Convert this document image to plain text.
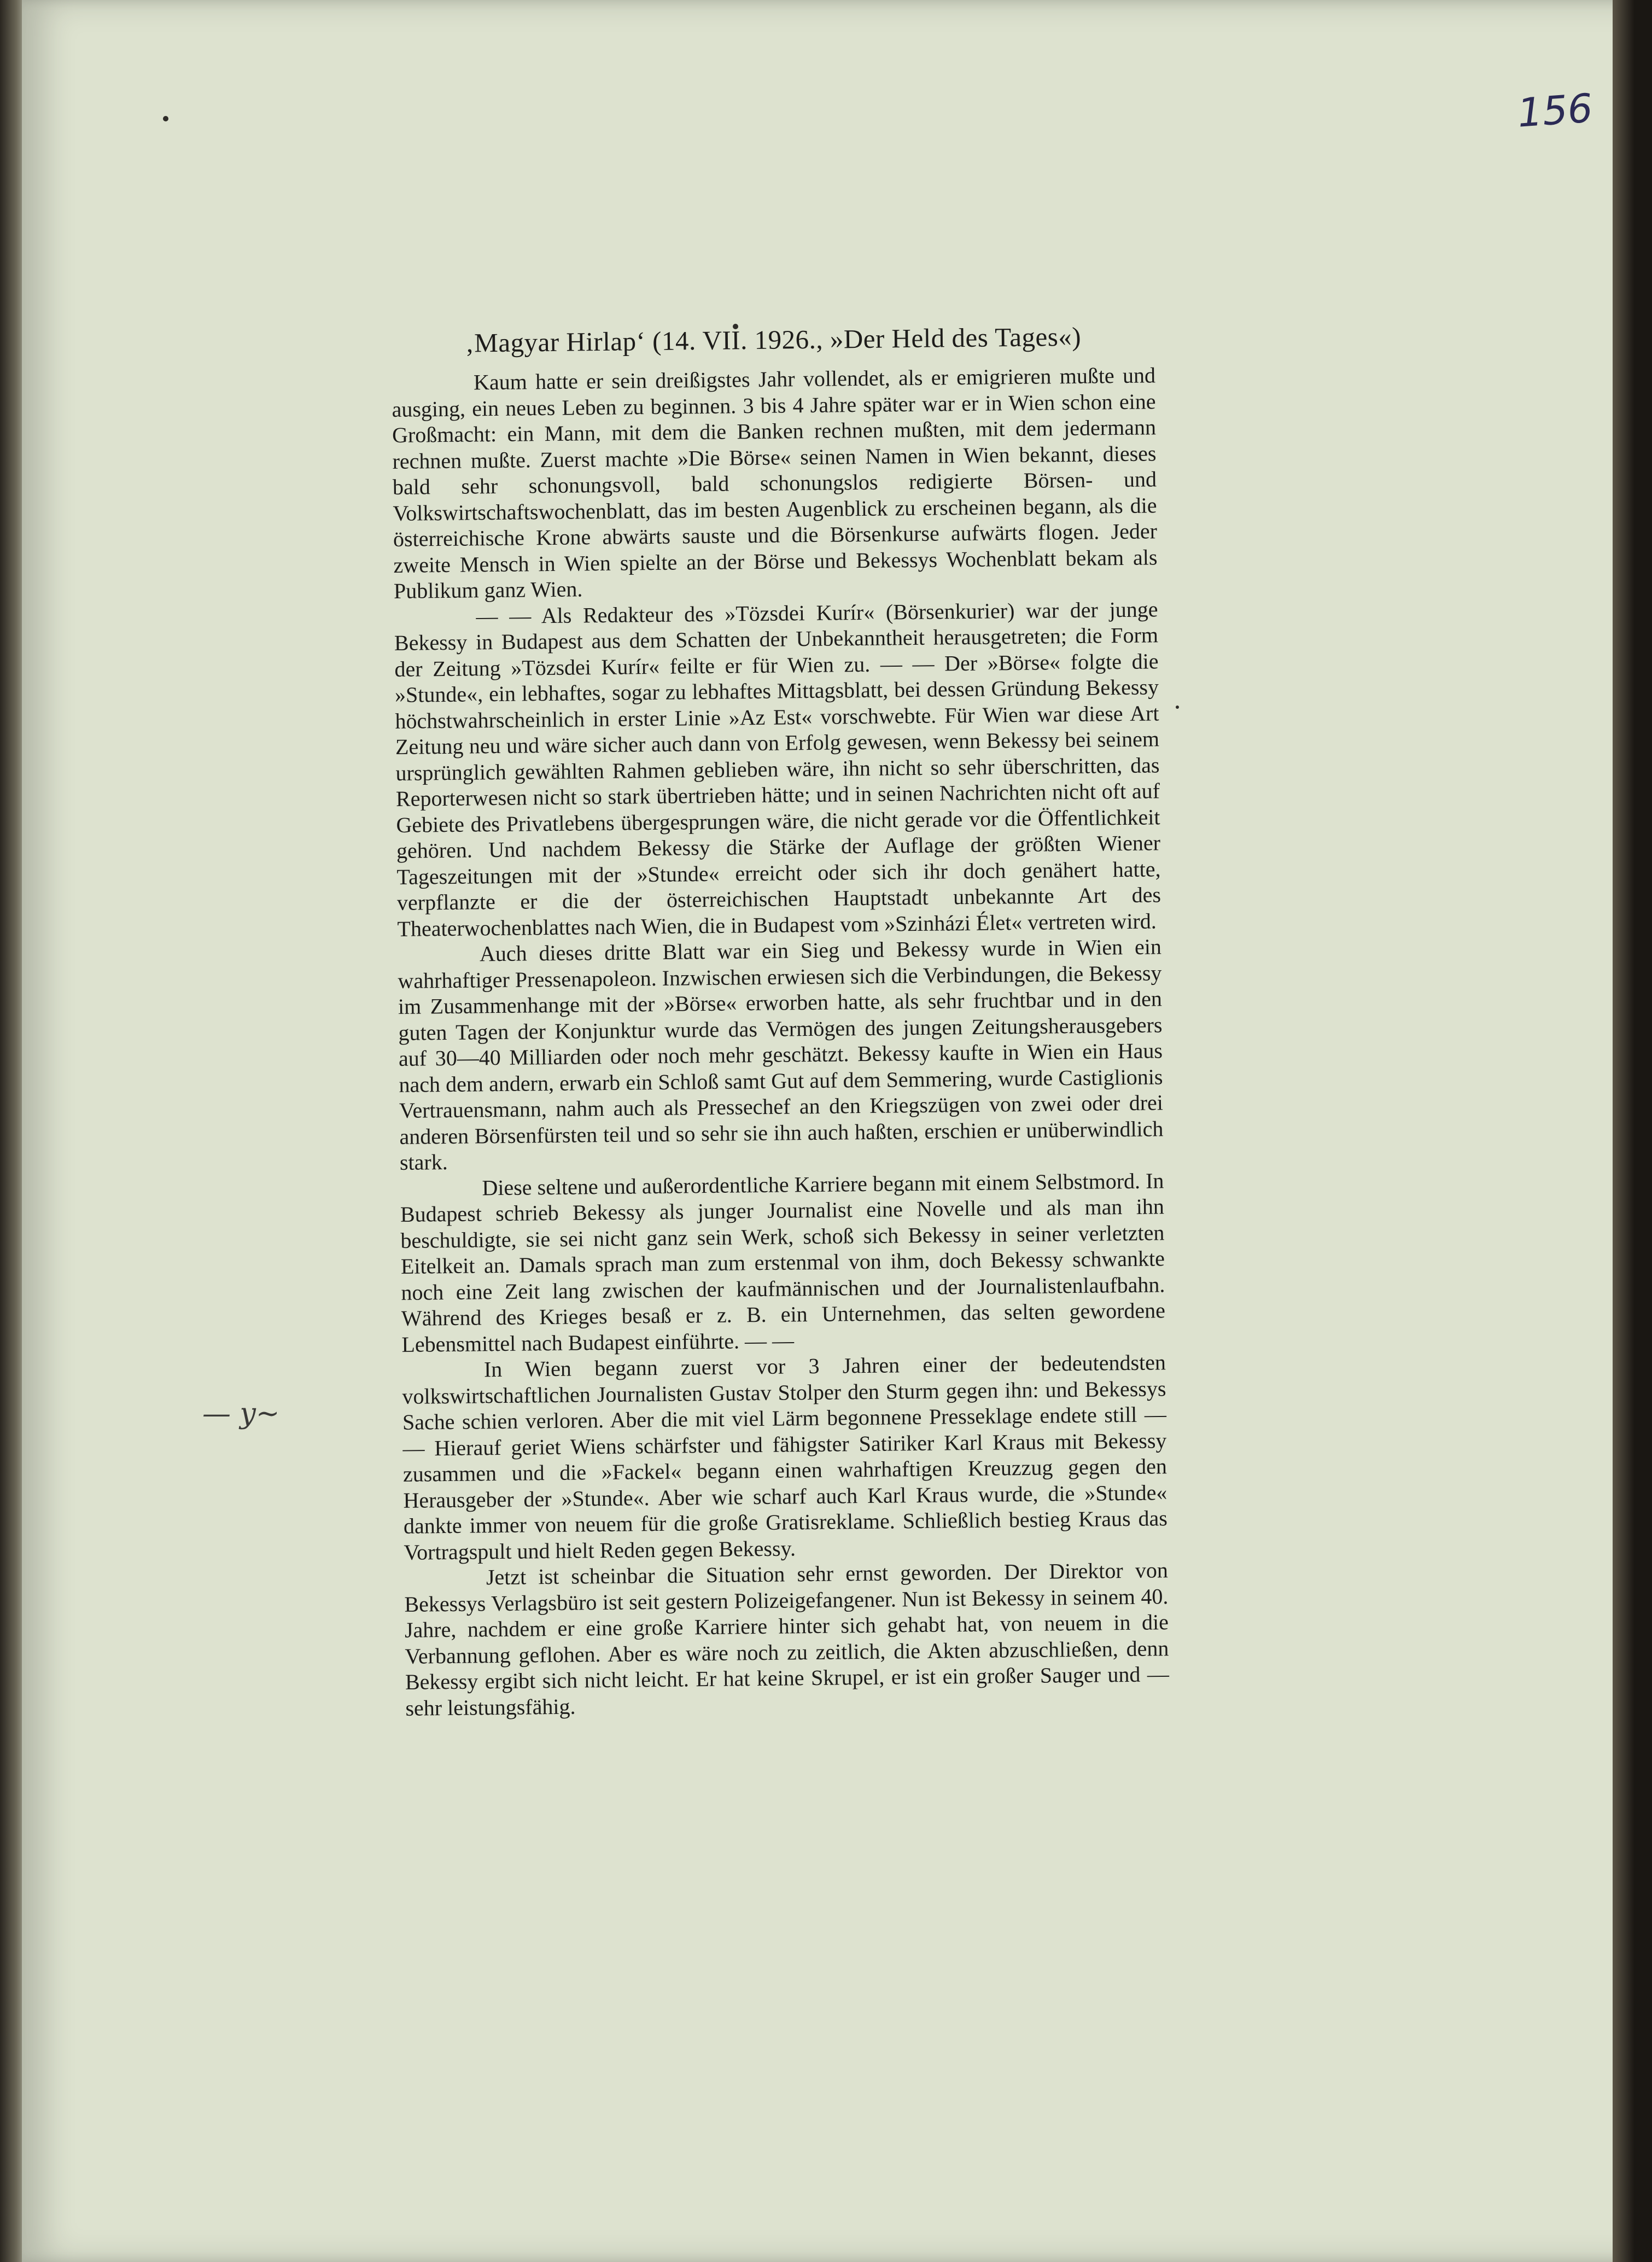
156
— y~

‚Magyar Hirlap‘ (14. VII. 1926., »Der Held des Tages«)

Kaum hatte er sein dreißigstes Jahr vollendet, als er emigrieren mußte und ausging, ein neues Leben zu beginnen. 3 bis 4 Jahre später war er in Wien schon eine Großmacht: ein Mann, mit dem die Banken rechnen mußten, mit dem jedermann rechnen mußte. Zuerst machte »Die Börse« seinen Namen in Wien bekannt, dieses bald sehr schonungsvoll, bald schonungslos redigierte Börsen- und Volkswirtschaftswochenblatt, das im besten Augenblick zu erscheinen begann, als die österreichische Krone abwärts sauste und die Börsenkurse aufwärts flogen. Jeder zweite Mensch in Wien spielte an der Börse und Bekessys Wochenblatt bekam als Publikum ganz Wien.

— — Als Redakteur des »Tözsdei Kurír« (Börsenkurier) war der junge Bekessy in Budapest aus dem Schatten der Unbekanntheit herausgetreten; die Form der Zeitung »Tözsdei Kurír« feilte er für Wien zu. — — Der »Börse« folgte die »Stunde«, ein lebhaftes, sogar zu lebhaftes Mittagsblatt, bei dessen Gründung Bekessy höchstwahrscheinlich in erster Linie »Az Est« vorschwebte. Für Wien war diese Art Zeitung neu und wäre sicher auch dann von Erfolg gewesen, wenn Bekessy bei seinem ursprünglich gewählten Rahmen geblieben wäre, ihn nicht so sehr überschritten, das Reporterwesen nicht so stark übertrieben hätte; und in seinen Nachrichten nicht oft auf Gebiete des Privatlebens übergesprungen wäre, die nicht gerade vor die Öffentlichkeit gehören. Und nachdem Bekessy die Stärke der Auflage der größten Wiener Tageszeitungen mit der »Stunde« erreicht oder sich ihr doch genähert hatte, verpflanzte er die der österreichischen Hauptstadt unbekannte Art des Theaterwochenblattes nach Wien, die in Budapest vom »Szinházi Élet« vertreten wird.

Auch dieses dritte Blatt war ein Sieg und Bekessy wurde in Wien ein wahrhaftiger Pressenapoleon. Inzwischen erwiesen sich die Verbindungen, die Bekessy im Zusammenhange mit der »Börse« erworben hatte, als sehr fruchtbar und in den guten Tagen der Konjunktur wurde das Vermögen des jungen Zeitungsherausgebers auf 30—40 Milliarden oder noch mehr geschätzt. Bekessy kaufte in Wien ein Haus nach dem andern, erwarb ein Schloß samt Gut auf dem Semmering, wurde Castiglionis Vertrauensmann, nahm auch als Pressechef an den Kriegszügen von zwei oder drei anderen Börsenfürsten teil und so sehr sie ihn auch haßten, erschien er unüberwindlich stark.

Diese seltene und außerordentliche Karriere begann mit einem Selbstmord. In Budapest schrieb Bekessy als junger Journalist eine Novelle und als man ihn beschuldigte, sie sei nicht ganz sein Werk, schoß sich Bekessy in seiner verletzten Eitelkeit an. Damals sprach man zum erstenmal von ihm, doch Bekessy schwankte noch eine Zeit lang zwischen der kaufmännischen und der Journalistenlaufbahn. Während des Krieges besaß er z. B. ein Unternehmen, das selten gewordene Lebensmittel nach Budapest einführte. — —

In Wien begann zuerst vor 3 Jahren einer der bedeutendsten volkswirtschaftlichen Journalisten Gustav Stolper den Sturm gegen ihn: und Bekessys Sache schien verloren. Aber die mit viel Lärm begonnene Presseklage endete still — — Hierauf geriet Wiens schärfster und fähigster Satiriker Karl Kraus mit Bekessy zusammen und die »Fackel« begann einen wahrhaftigen Kreuzzug gegen den Herausgeber der »Stunde«. Aber wie scharf auch Karl Kraus wurde, die »Stunde« dankte immer von neuem für die große Gratisreklame. Schließlich bestieg Kraus das Vortragspult und hielt Reden gegen Bekessy.

Jetzt ist scheinbar die Situation sehr ernst geworden. Der Direktor von Bekessys Verlagsbüro ist seit gestern Polizeigefangener. Nun ist Bekessy in seinem 40. Jahre, nachdem er eine große Karriere hinter sich gehabt hat, von neuem in die Verbannung geflohen. Aber es wäre noch zu zeitlich, die Akten abzuschließen, denn Bekessy ergibt sich nicht leicht. Er hat keine Skrupel, er ist ein großer Sauger und — sehr leistungsfähig.
